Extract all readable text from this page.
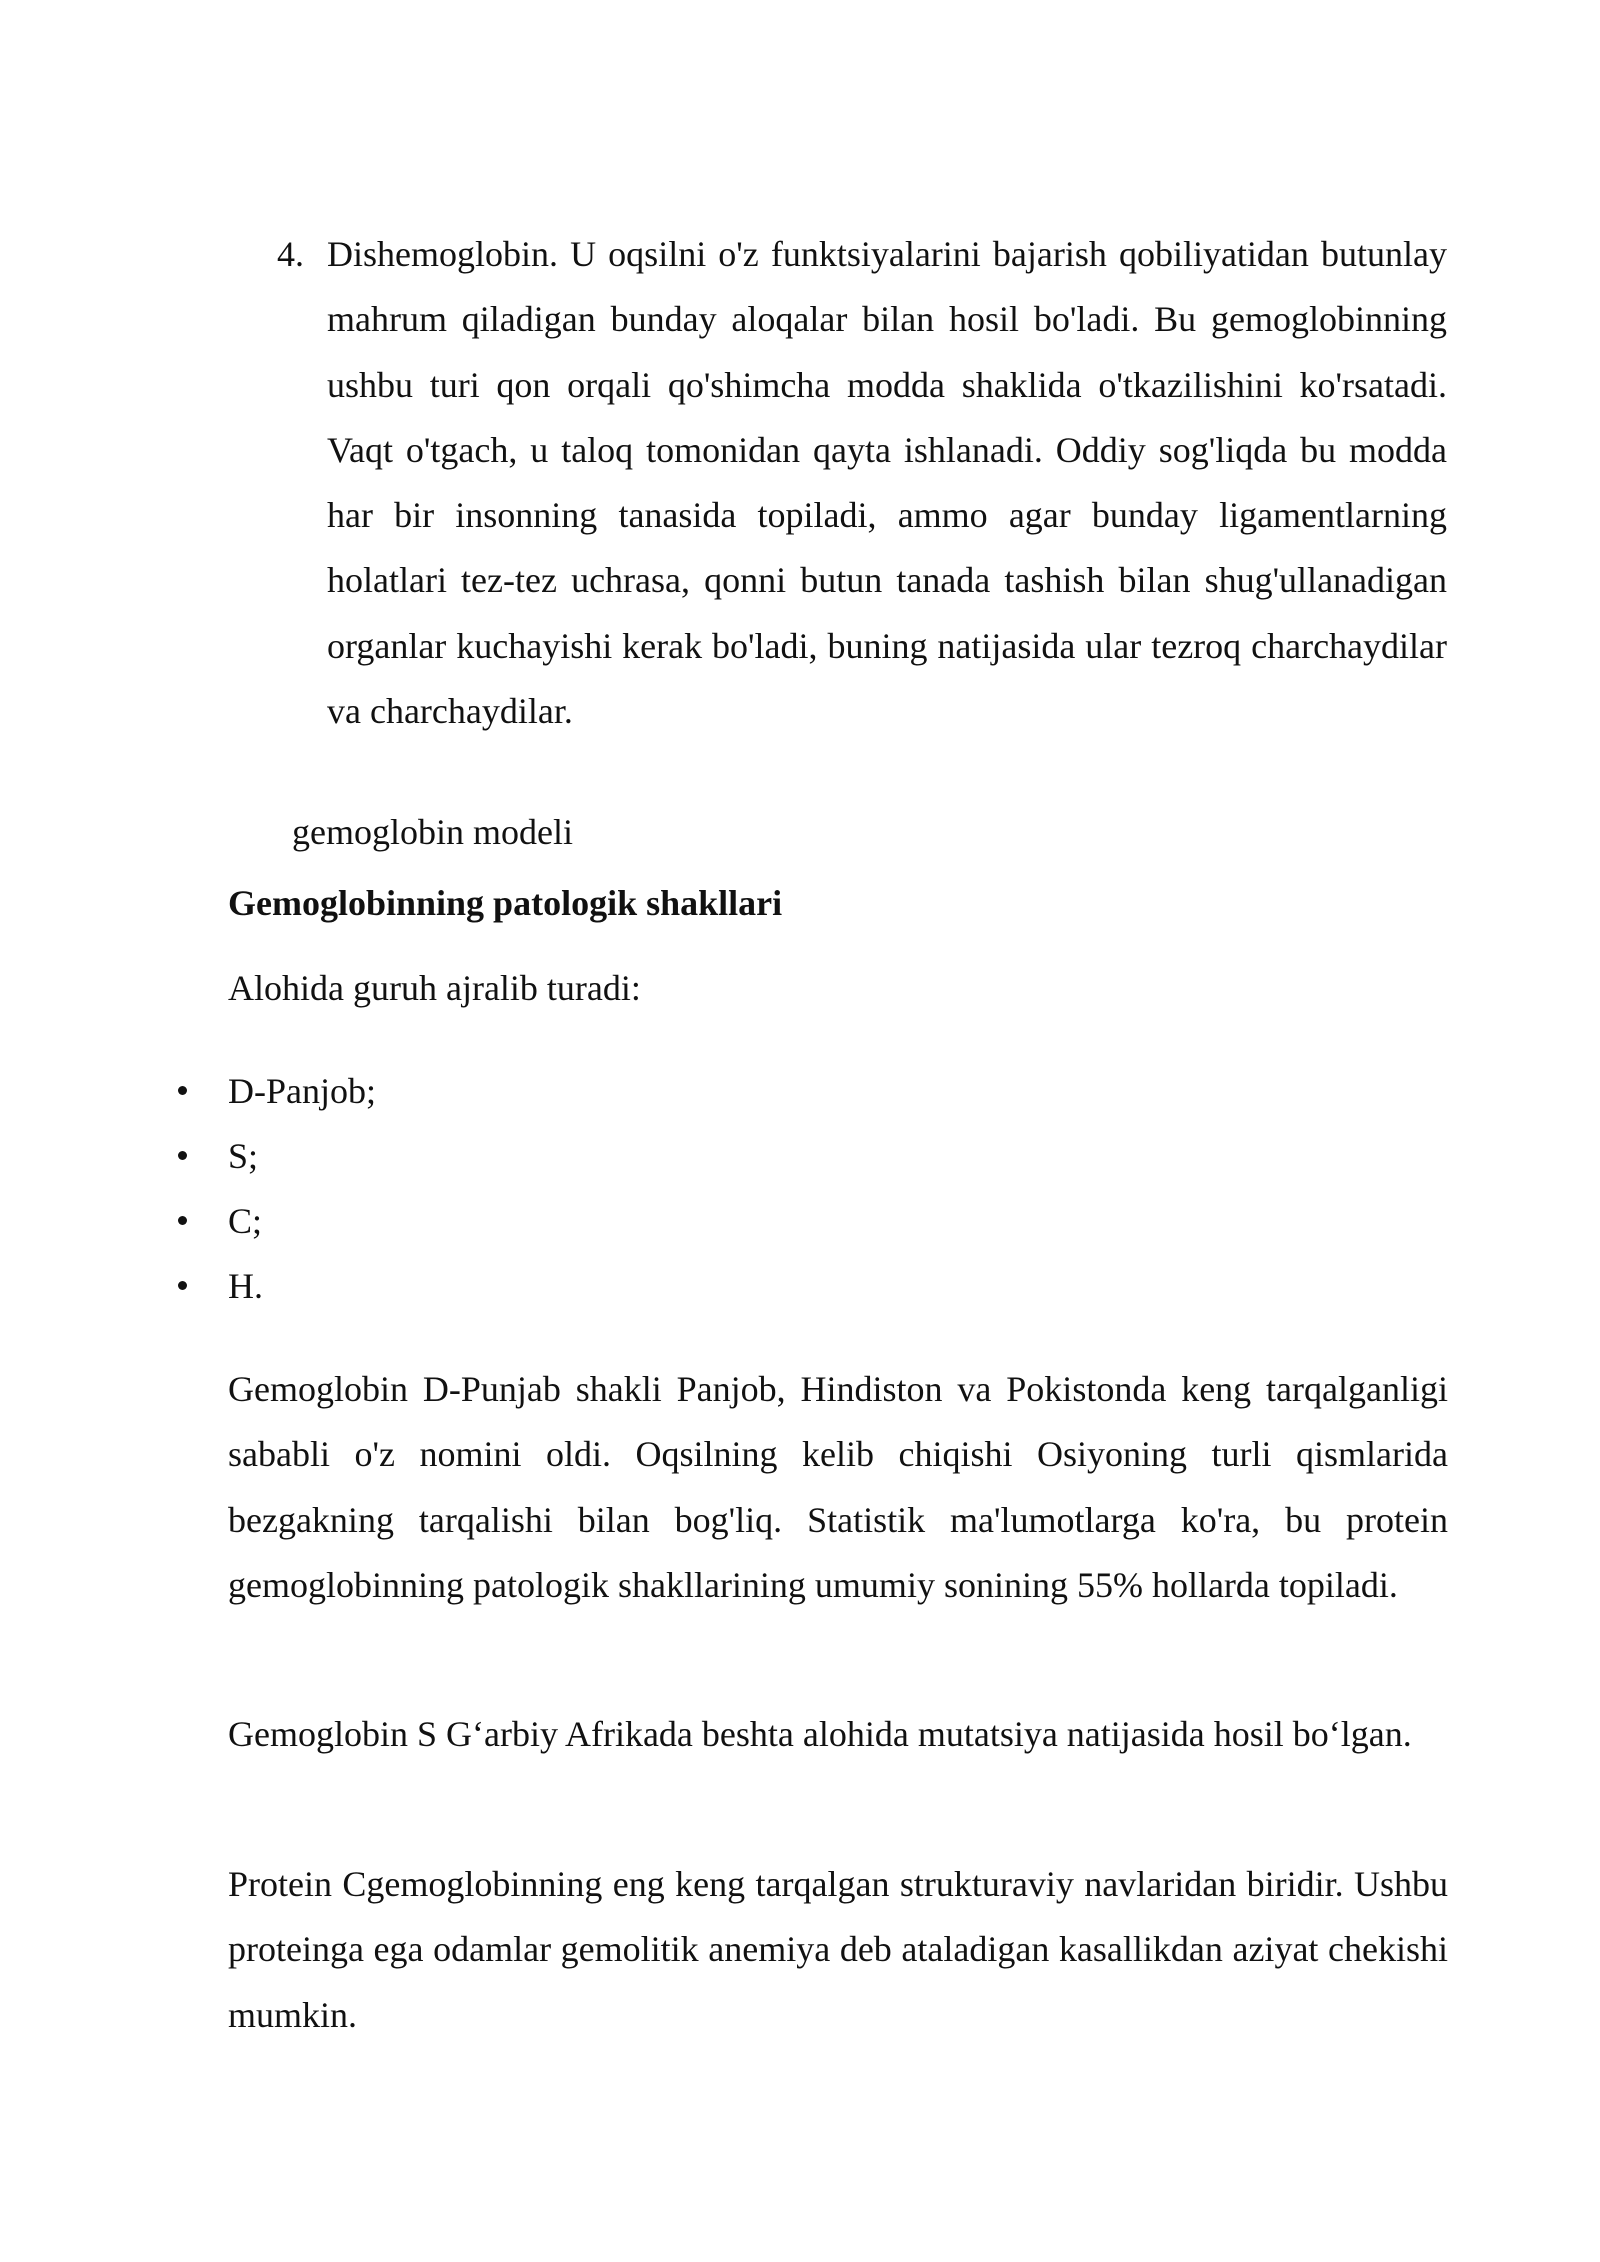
4. Dishemoglobin. U oqsilni o'z funktsiyalarini bajarish qobiliyatidan butunlay mahrum qiladigan bunday aloqalar bilan hosil bo'ladi. Bu gemoglobinning ushbu turi qon orqali qo'shimcha modda shaklida o'tkazilishini ko'rsatadi. Vaqt o'tgach, u taloq tomonidan qayta ishlanadi. Oddiy sog'liqda bu modda har bir insonning tanasida topiladi, ammo agar bunday ligamentlarning holatlari tez-tez uchrasa, qonni butun tanada tashish bilan shug'ullanadigan organlar kuchayishi kerak bo'ladi, buning natijasida ular tezroq charchaydilar va charchaydilar.
gemoglobin modeli
Gemoglobinning patologik shakllari
Alohida guruh ajralib turadi:
D-Panjob;
S;
C;
H.

Gemoglobin D-Punjab shakli Panjob, Hindiston va Pokistonda keng tarqalganligi sababli o'z nomini oldi. Oqsilning kelib chiqishi Osiyoning turli qismlarida bezgakning tarqalishi bilan bog'liq. Statistik ma'lumotlarga ko'ra, bu protein gemoglobinning patologik shakllarining umumiy sonining 55% hollarda topiladi.

Gemoglobin S G‘arbiy Afrikada beshta alohida mutatsiya natijasida hosil bo‘lgan.

Protein Cgemoglobinning eng keng tarqalgan strukturaviy navlaridan biridir. Ushbu proteinga ega odamlar gemolitik anemiya deb ataladigan kasallikdan aziyat chekishi mumkin.
